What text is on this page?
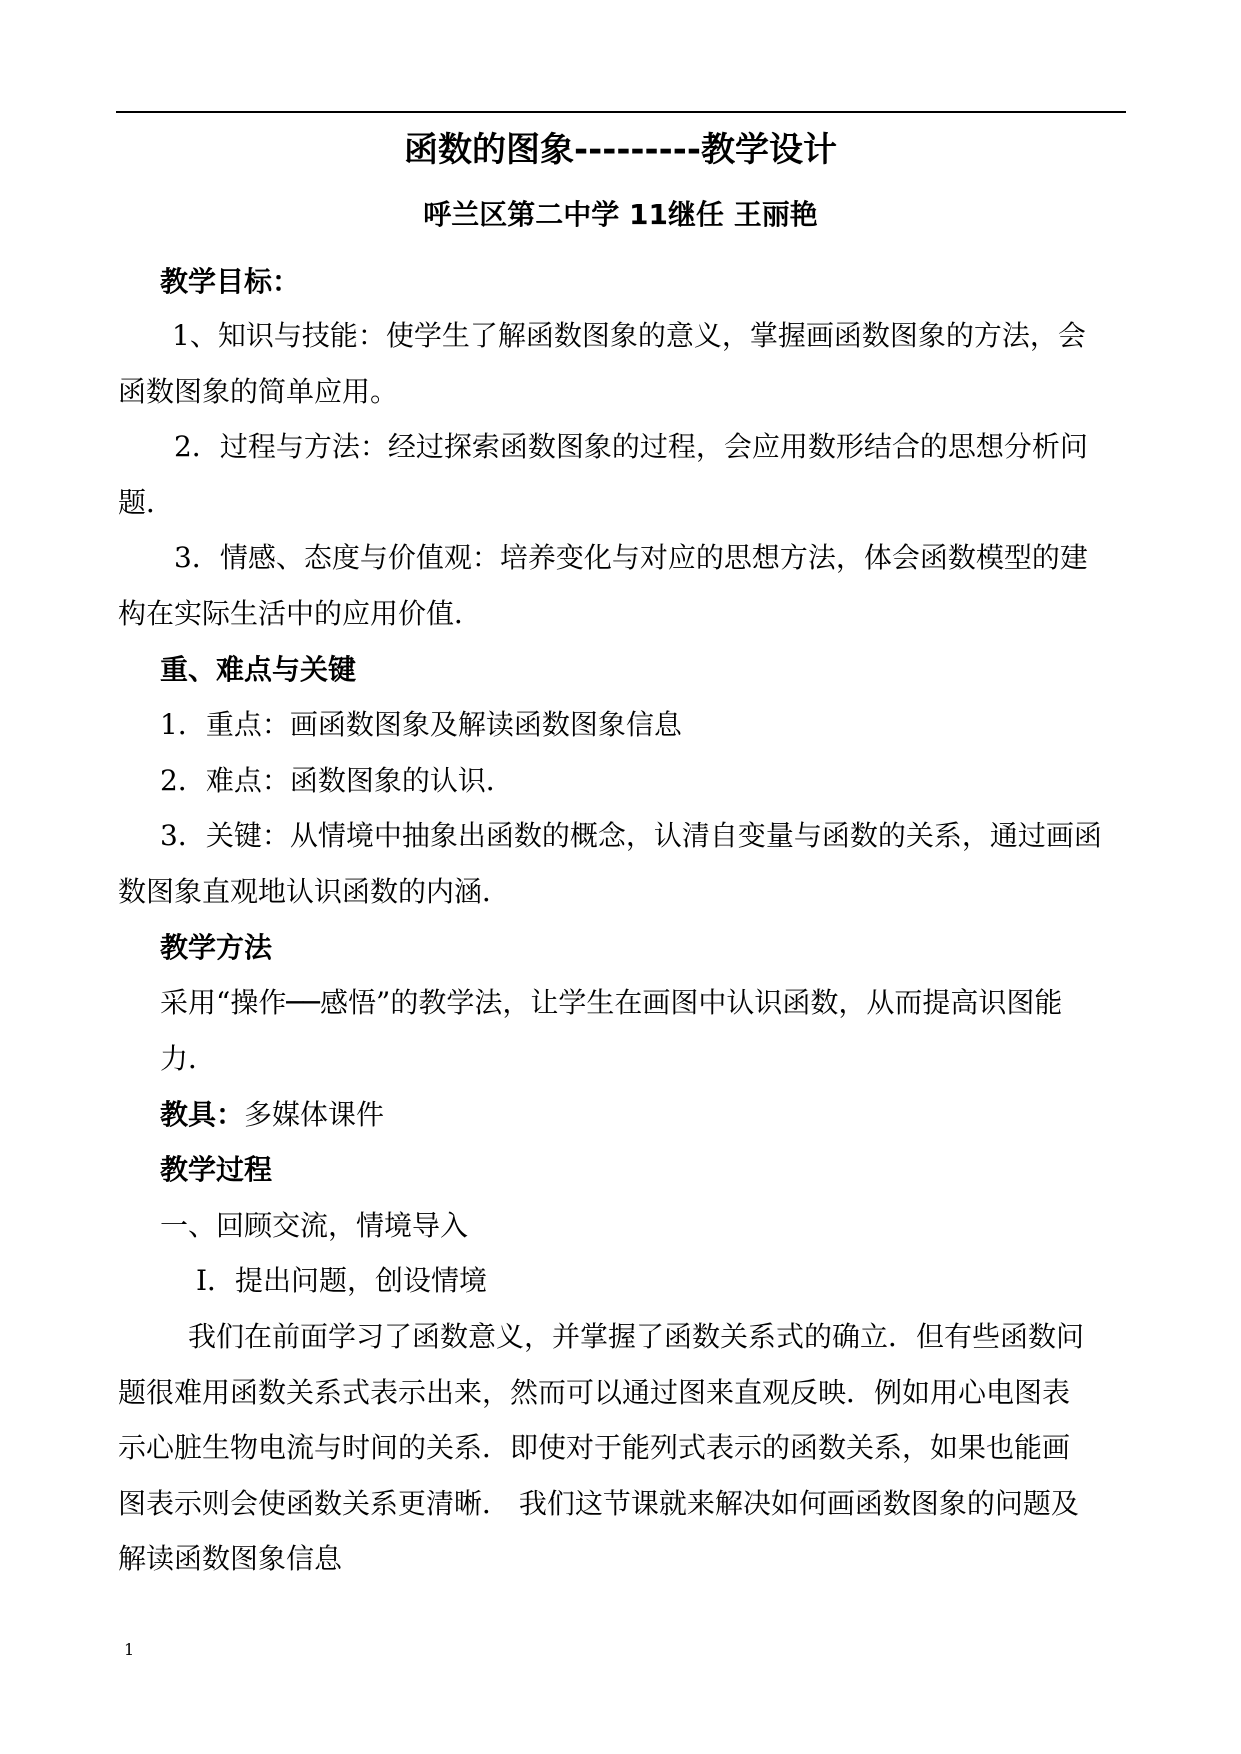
函数的图象---------教学设计
呼兰区第二中学 11继任 王丽艳
教学目标：
1、知识与技能：使学生了解函数图象的意义，掌握画函数图象的方法，会
函数图象的简单应用。
2．过程与方法：经过探索函数图象的过程，会应用数形结合的思想分析问
题．
3．情感、态度与价值观：培养变化与对应的思想方法，体会函数模型的建
构在实际生活中的应用价值．
重、难点与关键
1．重点：画函数图象及解读函数图象信息
2．难点：函数图象的认识．
3．关键：从情境中抽象出函数的概念，认清自变量与函数的关系，通过画函
数图象直观地认识函数的内涵．
教学方法
采用“操作──感悟”的教学法，让学生在画图中认识函数，从而提高识图能
力．
教具：多媒体课件
教学过程
一、回顾交流，情境导入
Ⅰ．提出问题，创设情境
我们在前面学习了函数意义，并掌握了函数关系式的确立．但有些函数问
题很难用函数关系式表示出来，然而可以通过图来直观反映．例如用心电图表
示心脏生物电流与时间的关系．即使对于能列式表示的函数关系，如果也能画
图表示则会使函数关系更清晰． 我们这节课就来解决如何画函数图象的问题及
解读函数图象信息
1
